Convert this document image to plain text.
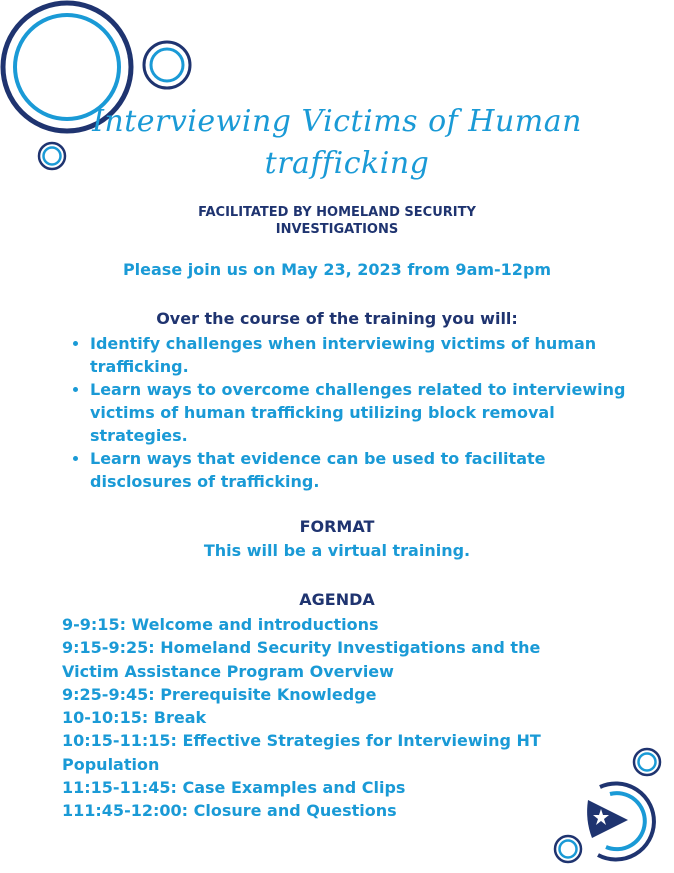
Interviewing Victims of Human
trafficking
FACILITATED BY HOMELAND SECURITY
INVESTIGATIONS
Please join us on May 23, 2023 from 9am-12pm
Over the course of the training you will:
• Identify challenges when interviewing victims of human trafficking.
• Learn ways to overcome challenges related to interviewing victims of human trafficking utilizing block removal strategies.
• Learn ways that evidence can be used to facilitate disclosures of trafficking.
FORMAT
This will be a virtual training.
AGENDA
9-9:15: Welcome and introductions
9:15-9:25: Homeland Security Investigations and the Victim Assistance Program Overview
9:25-9:45: Prerequisite Knowledge
10-10:15: Break
10:15-11:15: Effective Strategies for Interviewing HT Population
11:15-11:45: Case Examples and Clips
111:45-12:00: Closure and Questions
